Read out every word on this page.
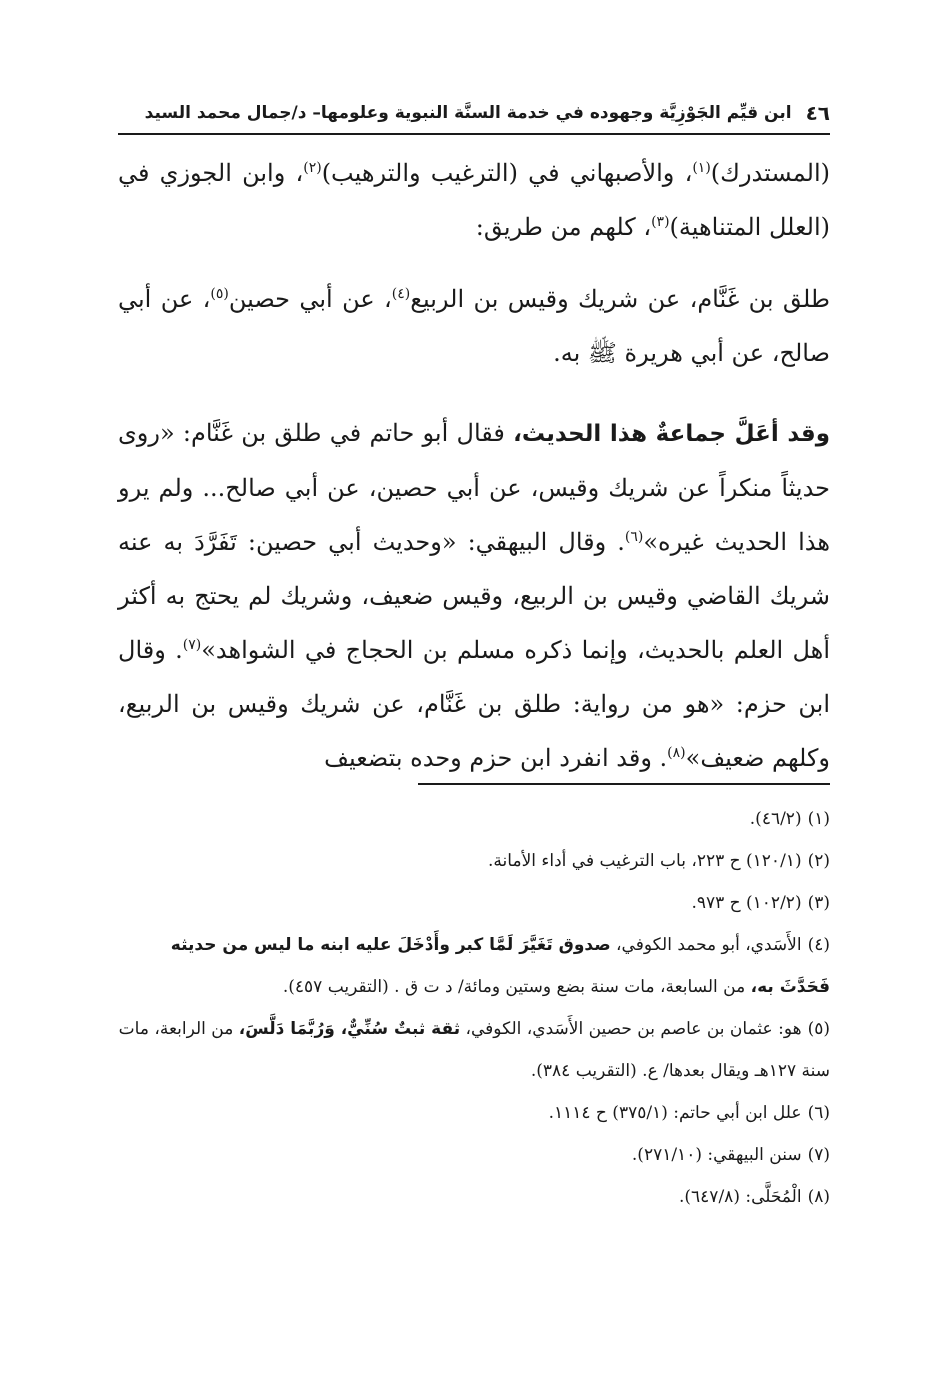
٤٦
ابن قيِّم الجَوْزِيَّة وجهوده في خدمة السنَّة النبوية وعلومها– د/جمال محمد السيد

(المستدرك)$^{(١)}$، والأصبهاني في (الترغيب والترهيب)$^{(٢)}$، وابن الجوزي في (العلل المتناهية)$^{(٣)}$، كلهم من طريق:

طلق بن غَنَّام، عن شريك وقيس بن الربيع$^{(٤)}$، عن أبي حصين$^{(٥)}$، عن أبي صالح، عن أبي هريرة ﷺ به.

وقد أعَلَّ جماعةٌ هذا الحديث، فقال أبو حاتم في طلق بن غَنَّام: «روى حديثاً منكراً عن شريك وقيس، عن أبي حصين، عن أبي صالح... ولم يرو هذا الحديث غيره»$^{(٦)}$. وقال البيهقي: «وحديث أبي حصين: تَفَرَّدَ به عنه شريك القاضي وقيس بن الربيع، وقيس ضعيف، وشريك لم يحتج به أكثر أهل العلم بالحديث، وإنما ذكره مسلم بن الحجاج في الشواهد»$^{(٧)}$. وقال ابن حزم: «هو من رواية: طلق بن غَنَّام، عن شريك وقيس بن الربيع، وكلهم ضعيف»$^{(٨)}$. وقد انفرد ابن حزم وحده بتضعيف

(١)(٤٦/٢).

(٢)(١٢٠/١) ح ٢٢٣، باب الترغيب في أداء الأمانة.

(٣)(١٠٢/٢) ح ٩٧٣.

(٤)الأَسَدي، أبو محمد الكوفي، صدوق تَغَيَّرَ لَمَّا كبر وأَدْخَلَ عليه ابنه ما ليس من حديثه فَحَدَّثَ به، من السابعة، مات سنة بضع وستين ومائة/ د ت ق . (التقريب ٤٥٧).

(٥)هو: عثمان بن عاصم بن حصين الأَسَدي، الكوفي، ثقة ثبتٌ سُنِّيٌّ، وَرُبَّمَا دَلَّسَ، من الرابعة، مات سنة ١٢٧هـ ويقال بعدها/ ع. (التقريب ٣٨٤).

(٦)علل ابن أبي حاتم: (٣٧٥/١) ح ١١١٤.

(٧)سنن البيهقي: (٢٧١/١٠).

(٨)الْمُحَلَّى: (٦٤٧/٨).
